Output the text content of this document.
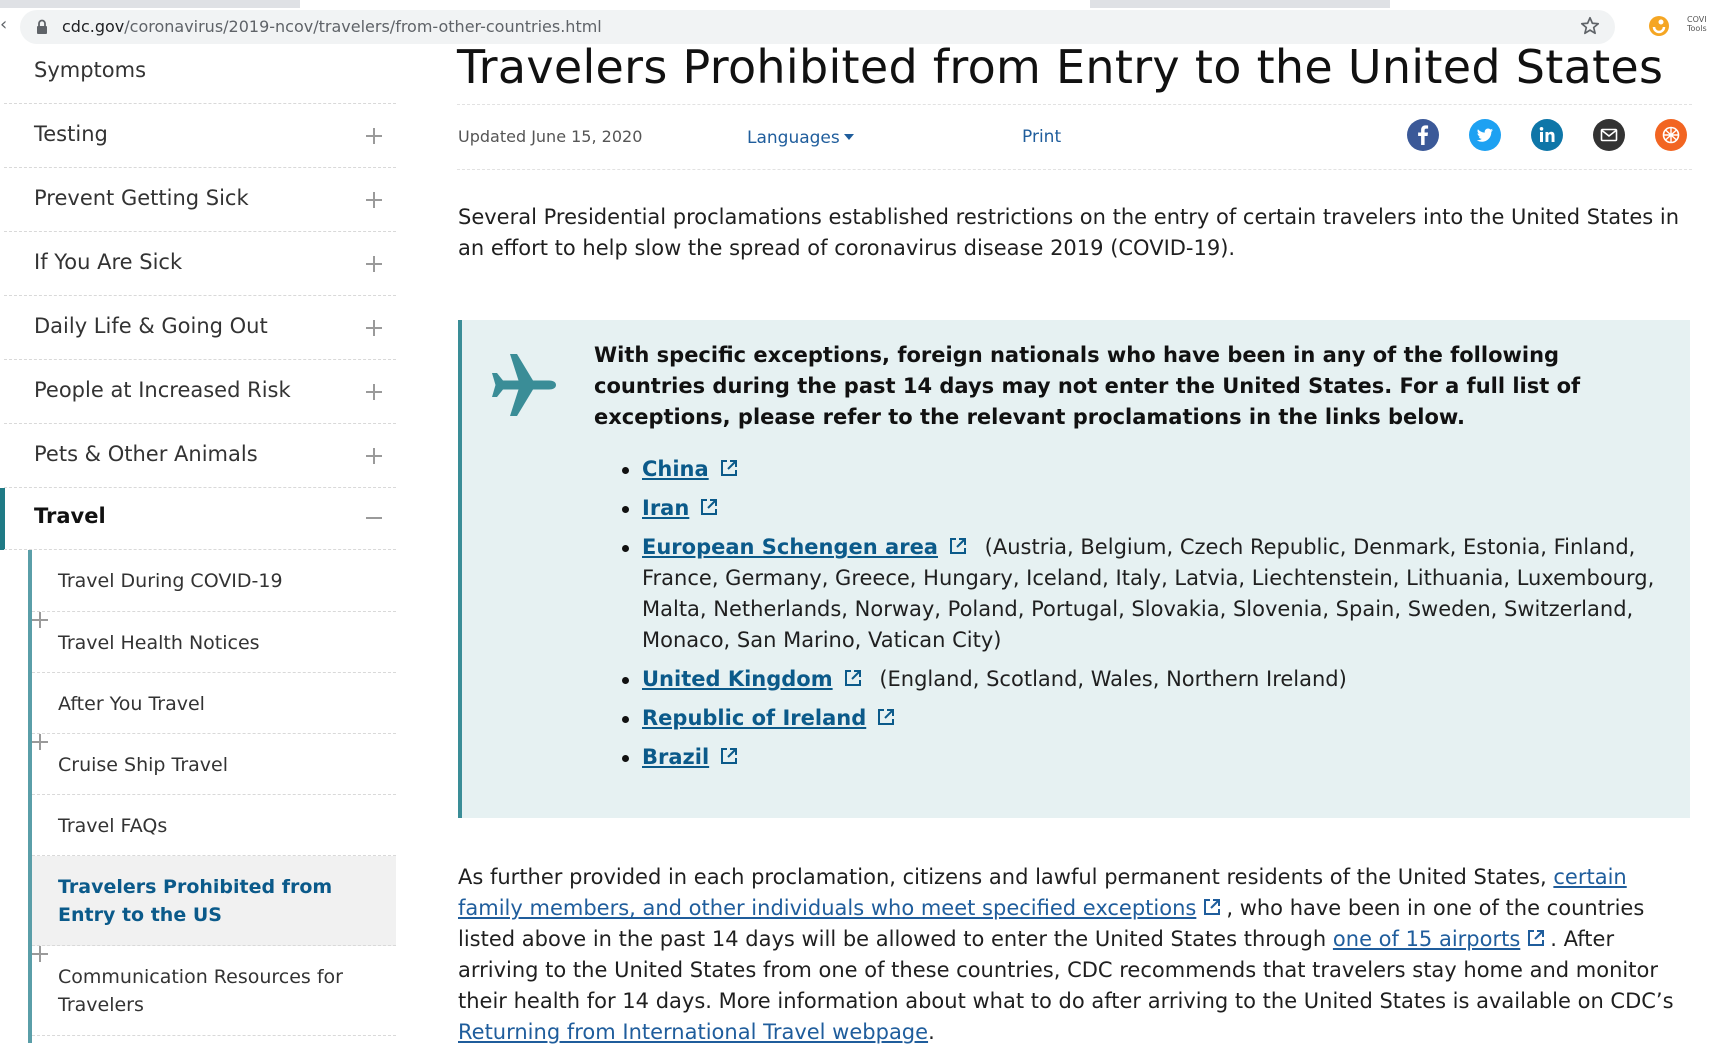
‹	cdc.gov/coronavirus/2019-ncov/travelers/from-other-countries.html	COVI Tools
Symptoms
Testing
Prevent Getting Sick
If You Are Sick
Daily Life & Going Out
People at Increased Risk
Pets & Other Animals
Travel
Travel During COVID-19
Travel Health Notices
After You Travel
Cruise Ship Travel
Travel FAQs
Travelers Prohibited from Entry to the US
Communication Resources for Travelers
Travelers Prohibited from Entry to the United States
Updated June 15, 2020	Languages	Print

Several Presidential proclamations established restrictions on the entry of certain travelers into the United States in an effort to help slow the spread of coronavirus disease 2019 (COVID-19).

With specific exceptions, foreign nationals who have been in any of the following countries during the past 14 days may not enter the United States. For a full list of exceptions, please refer to the relevant proclamations in the links below.

China
Iran
European Schengen area (Austria, Belgium, Czech Republic, Denmark, Estonia, Finland, France, Germany, Greece, Hungary, Iceland, Italy, Latvia, Liechtenstein, Lithuania, Luxembourg, Malta, Netherlands, Norway, Poland, Portugal, Slovakia, Slovenia, Spain, Sweden, Switzerland, Monaco, San Marino, Vatican City)
United Kingdom (England, Scotland, Wales, Northern Ireland)
Republic of Ireland
Brazil

As further provided in each proclamation, citizens and lawful permanent residents of the United States, certain family members, and other individuals who meet specified exceptions , who have been in one of the countries listed above in the past 14 days will be allowed to enter the United States through one of 15 airports . After arriving to the United States from one of these countries, CDC recommends that travelers stay home and monitor their health for 14 days. More information about what to do after arriving to the United States is available on CDC’s Returning from International Travel webpage.
